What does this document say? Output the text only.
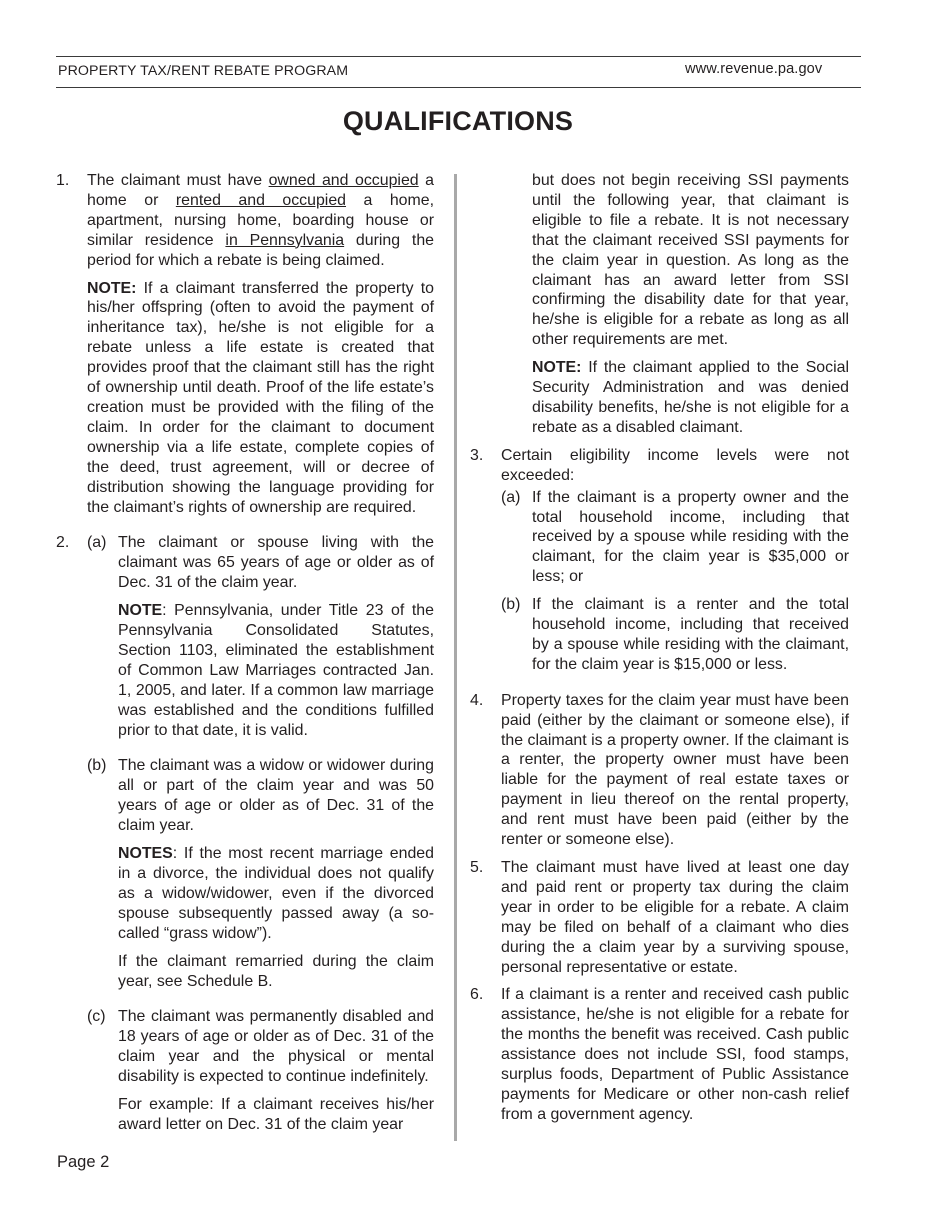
PROPERTY TAX/RENT REBATE PROGRAM	www.revenue.pa.gov
QUALIFICATIONS
1.	The claimant must have owned and occupied a home or rented and occupied a home, apartment, nursing home, boarding house or similar residence in Pennsylvania during the period for which a rebate is being claimed.

NOTE: If a claimant transferred the property to his/her offspring (often to avoid the payment of inheritance tax), he/she is not eligible for a rebate unless a life estate is created that provides proof that the claimant still has the right of ownership until death. Proof of the life estate’s creation must be provided with the filing of the claim. In order for the claimant to document ownership via a life estate, complete copies of the deed, trust agreement, will or decree of distribution showing the language providing for the claimant’s rights of ownership are required.

2.	(a) The claimant or spouse living with the claimant was 65 years of age or older as of Dec. 31 of the claim year.

NOTE: Pennsylvania, under Title 23 of the Pennsylvania Consolidated Statutes, Section 1103, eliminated the establishment of Common Law Marriages contracted Jan. 1, 2005, and later. If a common law marriage was established and the conditions fulfilled prior to that date, it is valid.

(b) The claimant was a widow or widower during all or part of the claim year and was 50 years of age or older as of Dec. 31 of the claim year.

NOTES: If the most recent marriage ended in a divorce, the individual does not qualify as a widow/widower, even if the divorced spouse subsequently passed away (a so-called “grass widow”).

If the claimant remarried during the claim year, see Schedule B.

(c) The claimant was permanently disabled and 18 years of age or older as of Dec. 31 of the claim year and the physical or mental disability is expected to continue indefinitely.

For example: If a claimant receives his/her award letter on Dec. 31 of the claim year

but does not begin receiving SSI payments until the following year, that claimant is eligible to file a rebate. It is not necessary that the claimant received SSI payments for the claim year in question. As long as the claimant has an award letter from SSI confirming the disability date for that year, he/she is eligible for a rebate as long as all other requirements are met.

NOTE: If the claimant applied to the Social Security Administration and was denied disability benefits, he/she is not eligible for a rebate as a disabled claimant.

3.	Certain eligibility income levels were not exceeded:
(a) If the claimant is a property owner and the total household income, including that received by a spouse while residing with the claimant, for the claim year is $35,000 or less; or
(b) If the claimant is a renter and the total household income, including that received by a spouse while residing with the claimant, for the claim year is $15,000 or less.
4.	Property taxes for the claim year must have been paid (either by the claimant or someone else), if the claimant is a property owner. If the claimant is a renter, the property owner must have been liable for the payment of real estate taxes or payment in lieu thereof on the rental property, and rent must have been paid (either by the renter or someone else).
5.	The claimant must have lived at least one day and paid rent or property tax during the claim year in order to be eligible for a rebate. A claim may be filed on behalf of a claimant who dies during the a claim year by a surviving spouse, personal representative or estate.
6.	If a claimant is a renter and received cash public assistance, he/she is not eligible for a rebate for the months the benefit was received. Cash public assistance does not include SSI, food stamps, surplus foods, Department of Public Assistance payments for Medicare or other non-cash relief from a government agency.
Page 2
